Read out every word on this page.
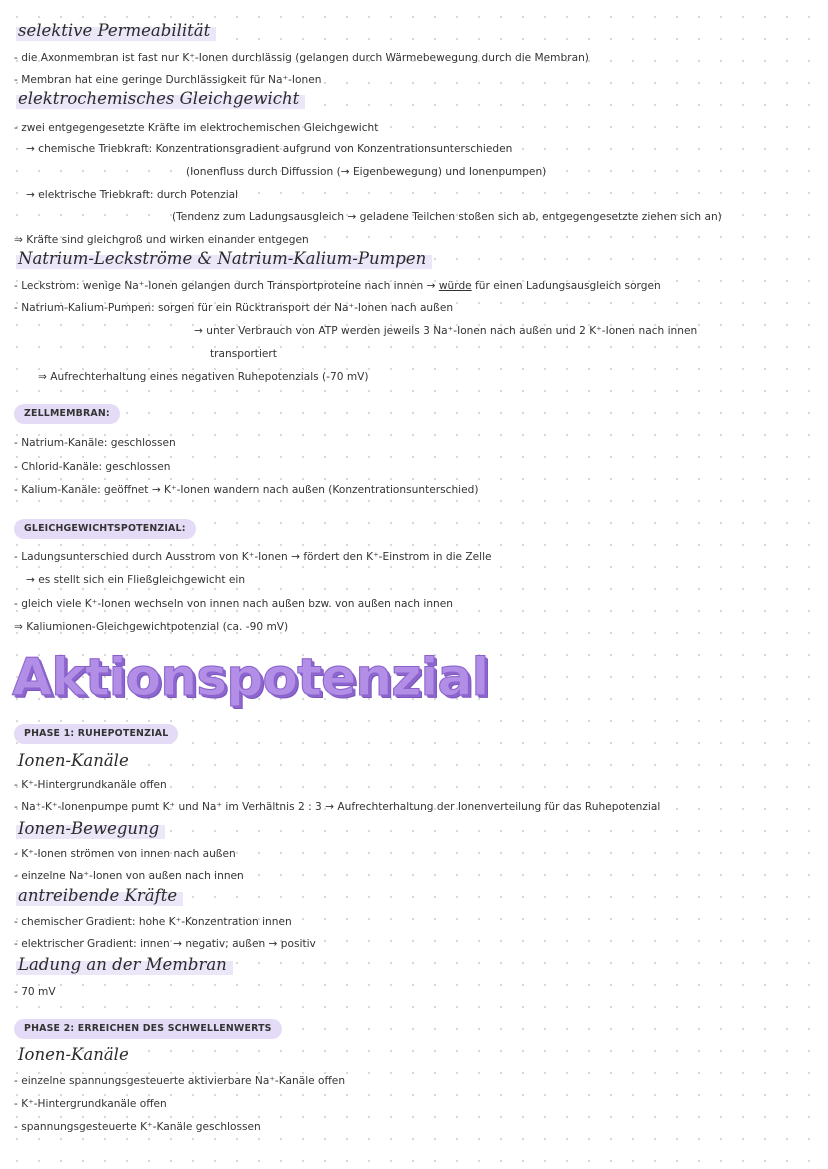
selektive Permeabilität
- die Axonmembran ist fast nur K⁺-Ionen durchlässig (gelangen durch Wärmebewegung durch die Membran)
- Membran hat eine geringe Durchlässigkeit für Na⁺-Ionen
elektrochemisches Gleichgewicht
- zwei entgegengesetzte Kräfte im elektrochemischen Gleichgewicht
→ chemische Triebkraft: Konzentrationsgradient aufgrund von Konzentrationsunterschieden
(Ionenfluss durch Diffussion (→ Eigenbewegung) und Ionenpumpen)
→ elektrische Triebkraft: durch Potenzial
(Tendenz zum Ladungsausgleich → geladene Teilchen stoßen sich ab, entgegengesetzte ziehen sich an)
⇒ Kräfte sind gleichgroß und wirken einander entgegen
Natrium-Leckströme & Natrium-Kalium-Pumpen
- Leckstrom: wenige Na⁺-Ionen gelangen durch Transportproteine nach innen → würde für einen Ladungsausgleich sorgen
- Natrium-Kalium-Pumpen: sorgen für ein Rücktransport der Na⁺-Ionen nach außen
→ unter Verbrauch von ATP werden jeweils 3 Na⁺-Ionen nach außen und 2 K⁺-Ionen nach innen
transportiert
⇒ Aufrechterhaltung eines negativen Ruhepotenzials (-70 mV)
ZELLMEMBRAN:
- Natrium-Kanäle: geschlossen
- Chlorid-Kanäle: geschlossen
- Kalium-Kanäle: geöffnet → K⁺-Ionen wandern nach außen (Konzentrationsunterschied)
GLEICHGEWICHTSPOTENZIAL:
- Ladungsunterschied durch Ausstrom von K⁺-Ionen → fördert den K⁺-Einstrom in die Zelle
→ es stellt sich ein Fließgleichgewicht ein
- gleich viele K⁺-Ionen wechseln von innen nach außen bzw. von außen nach innen
⇒ Kaliumionen-Gleichgewichtpotenzial (ca. -90 mV)
Aktionspotenzial
PHASE 1: RUHEPOTENZIAL
Ionen-Kanäle
- K⁺-Hintergrundkanäle offen
- Na⁺-K⁺-Ionenpumpe pumt K⁺ und Na⁺ im Verhältnis 2 : 3 → Aufrechterhaltung der Ionenverteilung für das Ruhepotenzial
Ionen-Bewegung
- K⁺-Ionen strömen von innen nach außen
- einzelne Na⁺-Ionen von außen nach innen
antreibende Kräfte
- chemischer Gradient: hohe K⁺-Konzentration innen
- elektrischer Gradient: innen → negativ; außen → positiv
Ladung an der Membran
- 70 mV
PHASE 2: ERREICHEN DES SCHWELLENWERTS
Ionen-Kanäle
- einzelne spannungsgesteuerte aktivierbare Na⁺-Kanäle offen
- K⁺-Hintergrundkanäle offen
- spannungsgesteuerte K⁺-Kanäle geschlossen
